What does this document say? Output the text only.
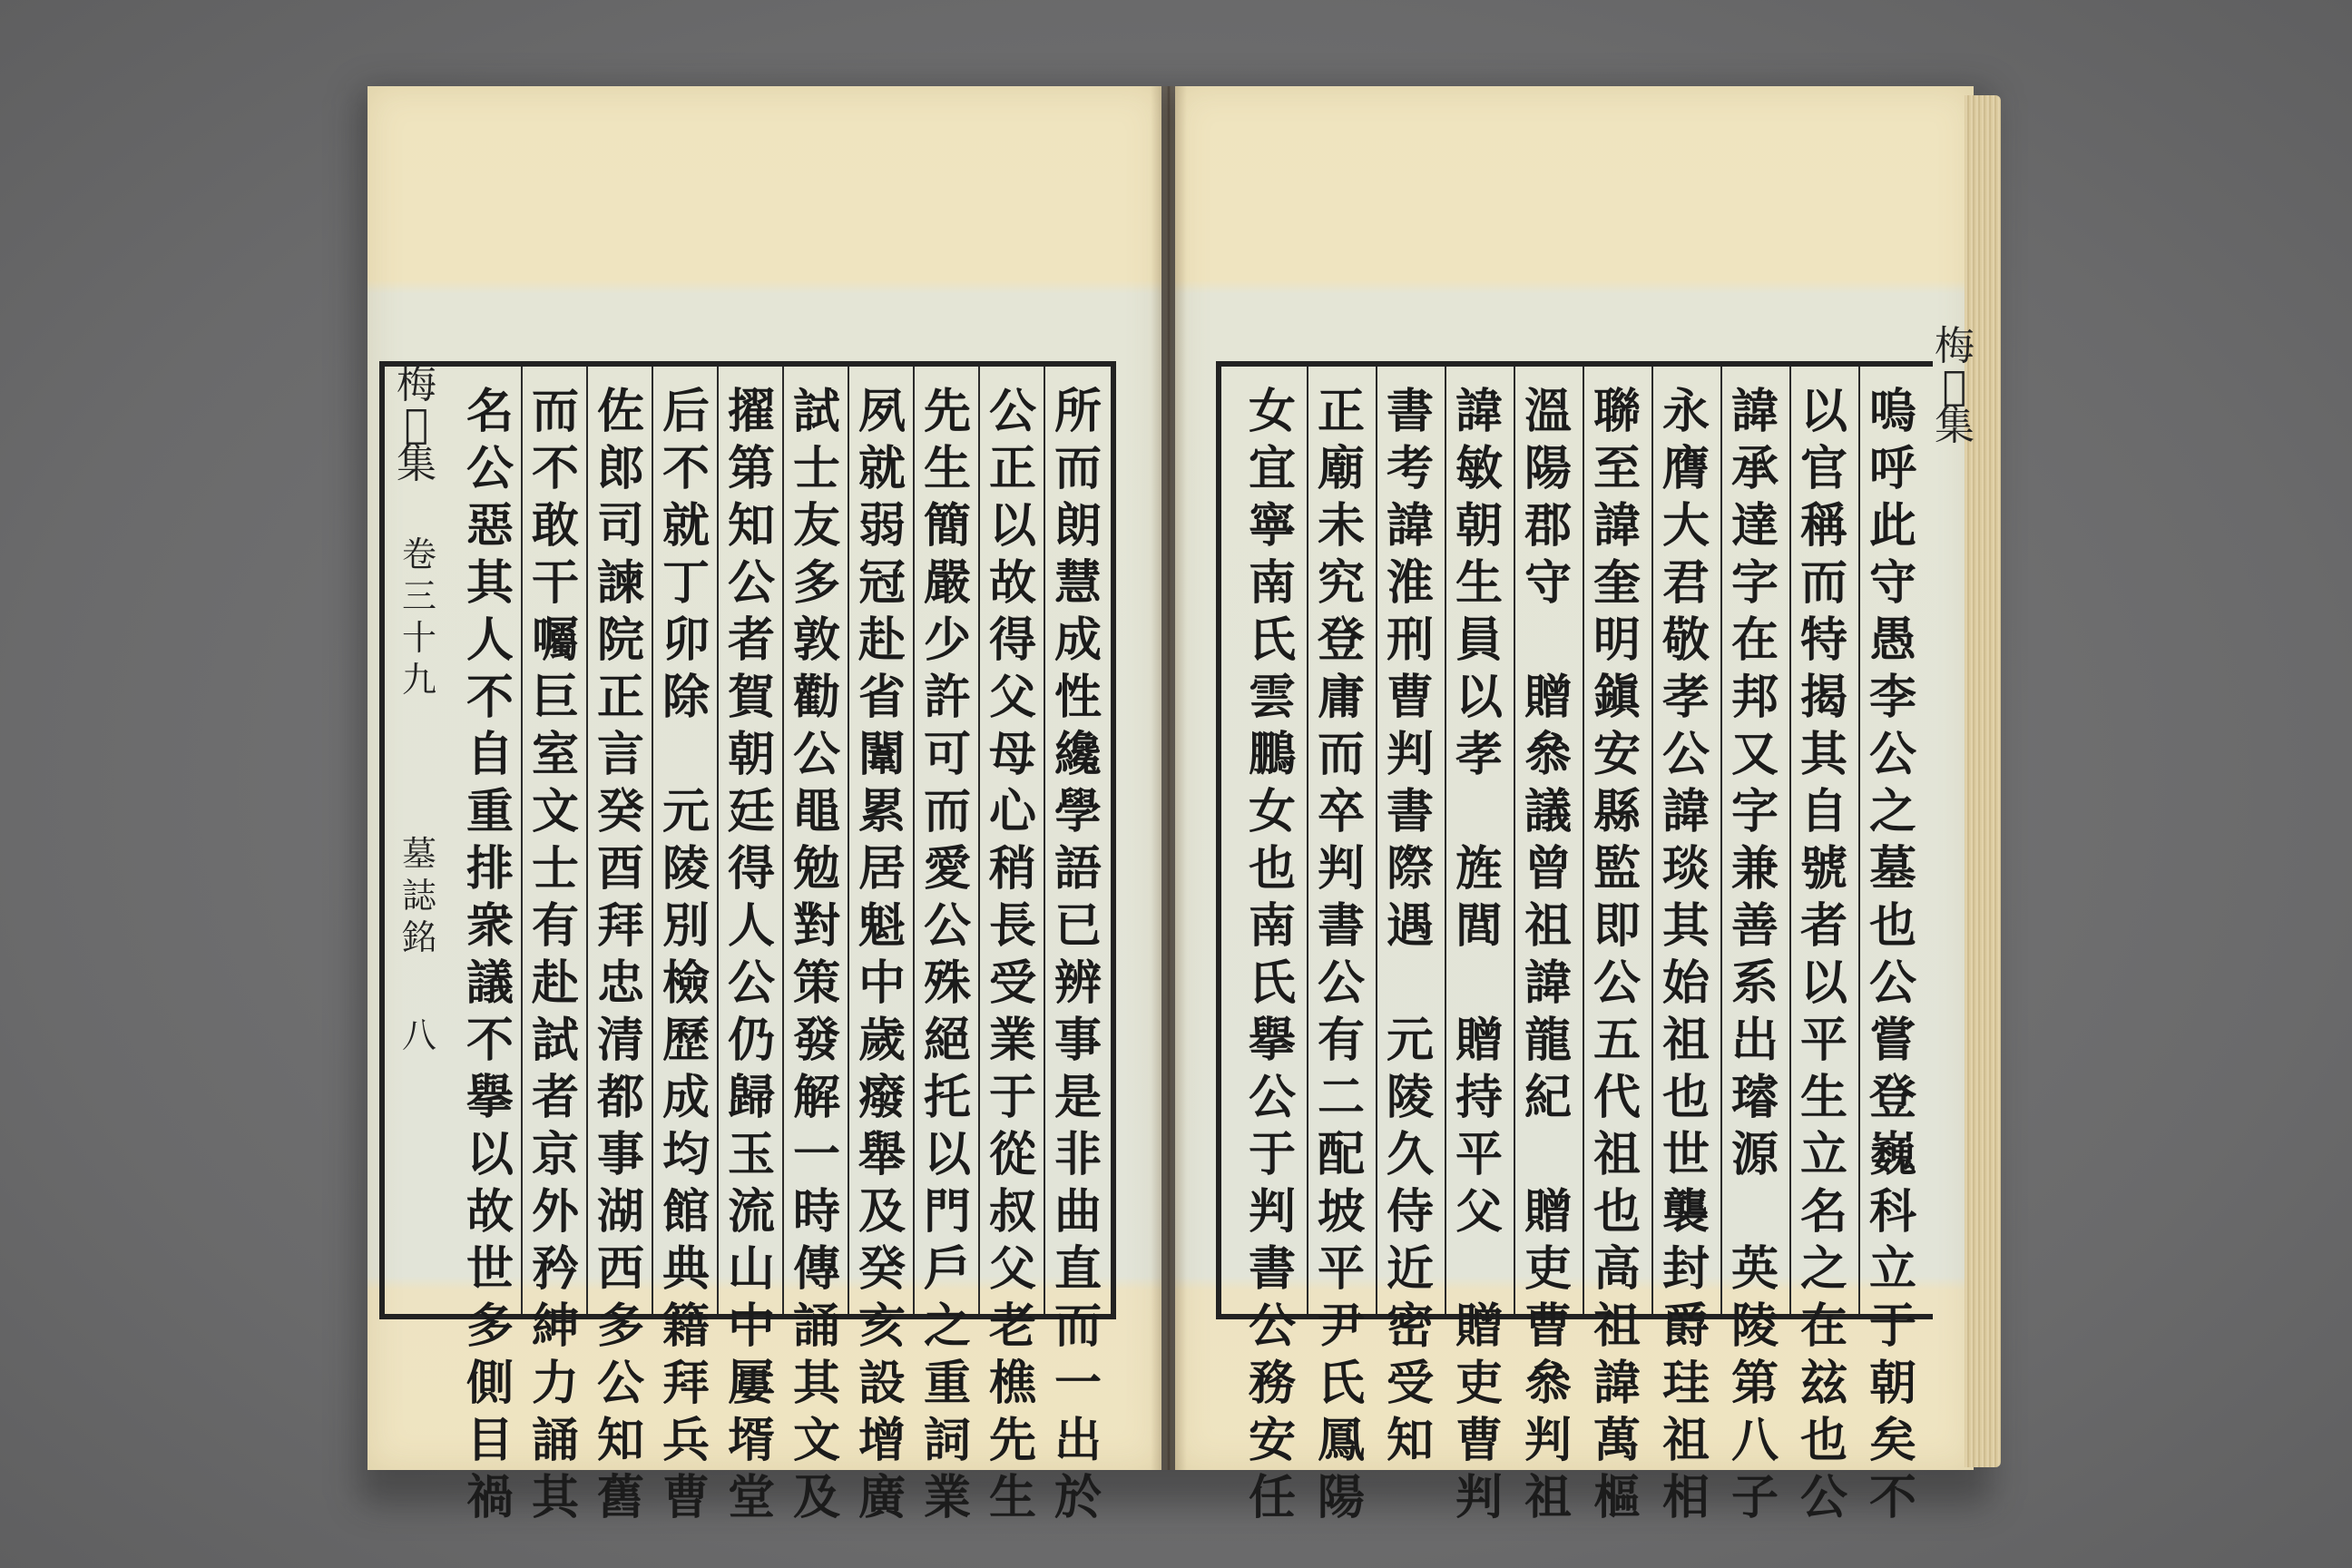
所
而
朗
慧
成
性
纔
學
語
已
辨
事
是
非
曲
直
而
一
出
於
公
正
以
故
得
父
母
心
稍
長
受
業
于
從
叔
父
老
樵
先
生
先
生
簡
嚴
少
許
可
而
愛
公
殊
絕
托
以
門
戶
之
重
詞
業
夙
就
弱
冠
赴
省
闈
累
居
魁
中
歲
癈
舉
及
癸
亥
設
增
廣
試
士
友
多
敦
勸
公
黽
勉
對
策
發
解
一
時
傳
誦
其
文
及
擢
第
知
公
者
賀
朝
廷
得
人
公
仍
歸
玉
流
山
中
屢
壻
堂
后
不
就
丁
卯
除

元
陵
別
檢
歷
成
均
館
典
籍
拜
兵
曹
佐
郎
司
諫
院
正
言
癸
酉
拜
忠
清
都
事
湖
西
多
公
知
舊
而
不
敢
干
囑
巨
室
文
士
有
赴
試
者
京
外
矜
紳
力
誦
其
名
公
惡
其
人
不
自
重
排
衆
議
不
擧
以
故
世
多
側
目
禍
梅𥘺集
卷三十九
墓誌銘
八
嗚
呼
此
守
愚
李
公
之
墓
也
公
嘗
登
巍
科
立
于
朝
矣
不
以
官
稱
而
特
揭
其
自
號
者
以
平
生
立
名
之
在
玆
也
公
諱
承
達
字
在
邦
又
字
兼
善
系
出
璿
源

英
陵
第
八
子
永
膺
大
君
敬
孝
公
諱
琰
其
始
祖
也
世
襲
封
爵
珪
祖
相
聯
至
諱
奎
明
鎭
安
縣
監
即
公
五
代
祖
也
高
祖
諱
萬
樞
溫
陽
郡
守

贈
叅
議
曾
祖
諱
龍
紀

贈
吏
曹
叅
判
祖
諱
敏
朝
生
員
以
孝

旌
閭

贈
持
平
父

贈
吏
曹
判
書
考
諱
淮
刑
曹
判
書
際
遇

元
陵
久
侍
近
密
受
知
正
廟
未
究
登
庸
而
卒
判
書
公
有
二
配
坡
平
尹
氏
鳳
陽
女
宜
寧
南
氏
雲
鵬
女
也
南
氏
擧
公
于
判
書
公
務
安
任
梅𥘺集
